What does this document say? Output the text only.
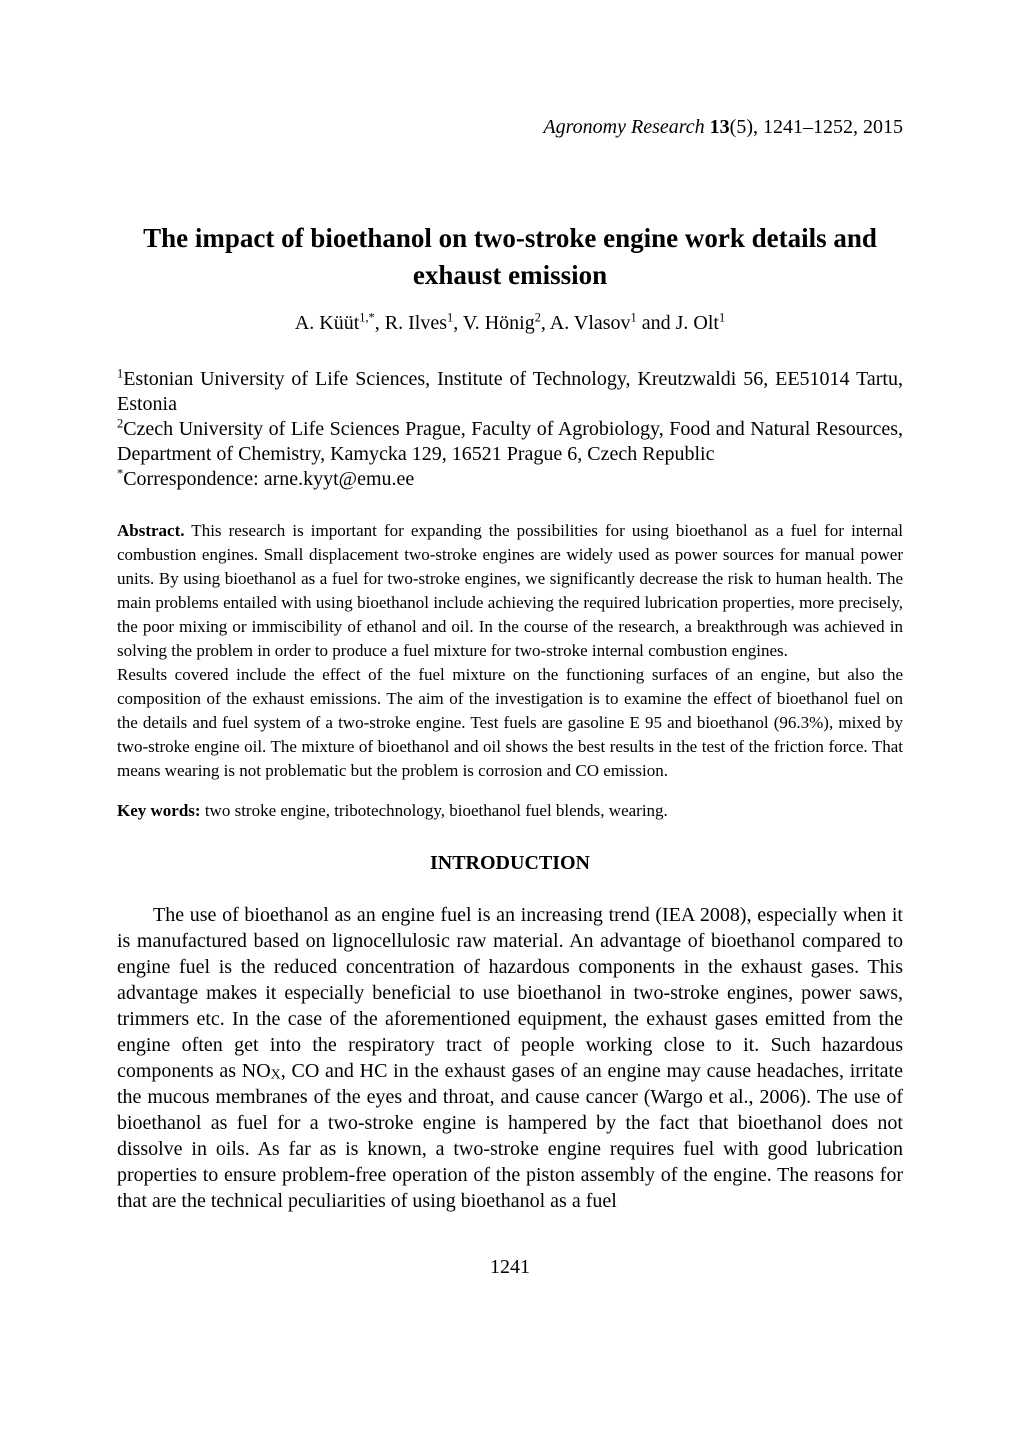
Agronomy Research 13(5), 1241–1252, 2015

The impact of bioethanol on two-stroke engine work details and exhaust emission

A. Küüt$^{1,*}$, R. Ilves$^1$, V. Hönig$^2$, A. Vlasov$^1$ and J. Olt$^1$

$^1$Estonian University of Life Sciences, Institute of Technology, Kreutzwaldi 56, EE51014 Tartu, Estonia

$^2$Czech University of Life Sciences Prague, Faculty of Agrobiology, Food and Natural Resources, Department of Chemistry, Kamycka 129, 16521 Prague 6, Czech Republic

*Correspondence: arne.kyyt@emu.ee

Abstract. This research is important for expanding the possibilities for using bioethanol as a fuel for internal combustion engines. Small displacement two-stroke engines are widely used as power sources for manual power units. By using bioethanol as a fuel for two-stroke engines, we significantly decrease the risk to human health. The main problems entailed with using bioethanol include achieving the required lubrication properties, more precisely, the poor mixing or immiscibility of ethanol and oil. In the course of the research, a breakthrough was achieved in solving the problem in order to produce a fuel mixture for two-stroke internal combustion engines.

Results covered include the effect of the fuel mixture on the functioning surfaces of an engine, but also the composition of the exhaust emissions. The aim of the investigation is to examine the effect of bioethanol fuel on the details and fuel system of a two-stroke engine. Test fuels are gasoline E 95 and bioethanol (96.3%), mixed by two-stroke engine oil. The mixture of bioethanol and oil shows the best results in the test of the friction force. That means wearing is not problematic but the problem is corrosion and CO emission.

Key words: two stroke engine, tribotechnology, bioethanol fuel blends, wearing.

INTRODUCTION

The use of bioethanol as an engine fuel is an increasing trend (IEA 2008), especially when it is manufactured based on lignocellulosic raw material. An advantage of bioethanol compared to engine fuel is the reduced concentration of hazardous components in the exhaust gases. This advantage makes it especially beneficial to use bioethanol in two-stroke engines, power saws, trimmers etc. In the case of the aforementioned equipment, the exhaust gases emitted from the engine often get into the respiratory tract of people working close to it. Such hazardous components as $NO_X$, CO and HC in the exhaust gases of an engine may cause headaches, irritate the mucous membranes of the eyes and throat, and cause cancer (Wargo et al., 2006). The use of bioethanol as fuel for a two-stroke engine is hampered by the fact that bioethanol does not dissolve in oils. As far as is known, a two-stroke engine requires fuel with good lubrication properties to ensure problem-free operation of the piston assembly of the engine. The reasons for that are the technical peculiarities of using bioethanol as a fuel

1241
